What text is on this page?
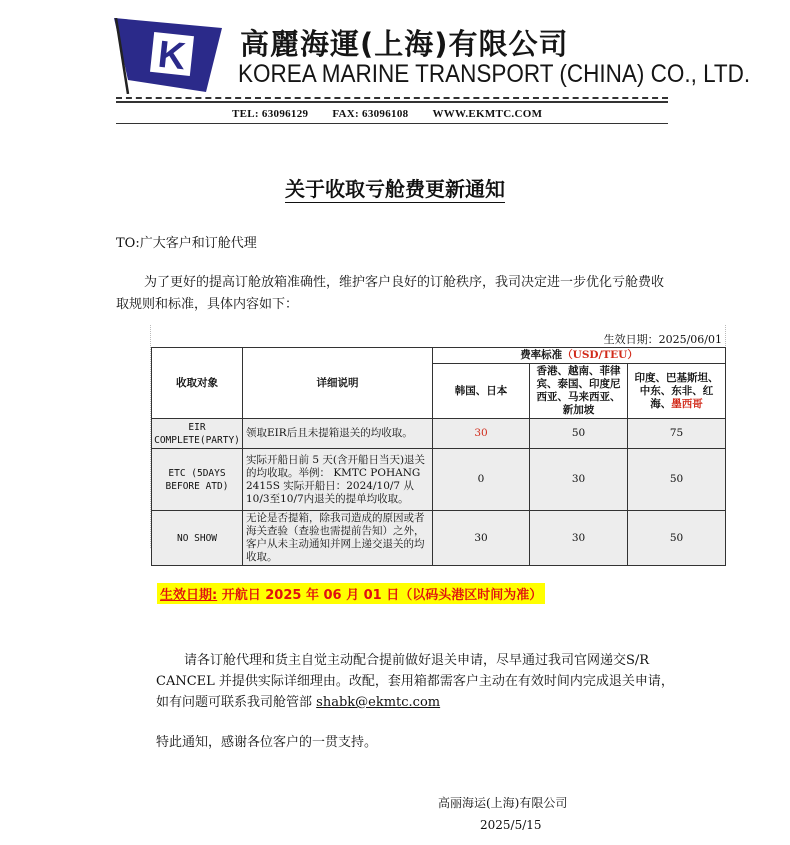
K 高麗海運(上海)有限公司
KOREA MARINE TRANSPORT (CHINA) CO., LTD.
TEL: 63096129 FAX: 63096108 WWW.EKMTC.COM
关于收取亏舱费更新通知
TO:广大客户和订舱代理
为了更好的提高订舱放箱准确性，维护客户良好的订舱秩序，我司决定进一步优化亏舱费收取规则和标准，具体内容如下：
生效日期：2025/06/01
收取对象	详细说明	费率标准（USD/TEU）		
		韩国、日本	香港、越南、菲律宾、泰国、印度尼西亚、马来西亚、新加坡	印度、巴基斯坦、中东、东非、红海、墨西哥
EIR COMPLETE(PARTY)	领取EIR后且未提箱退关的均收取。	30	50	75
ETC (5DAYS BEFORE ATD)	实际开船日前 5 天(含开船日当天)退关的均收取。举例： KMTC POHANG 2415S 实际开船日：2024/10/7 从10/3至10/7内退关的提单均收取。	0	30	50
NO SHOW	无论是否提箱，除我司造成的原因或者海关查验（查验也需提前告知）之外，客户从未主动通知并网上递交退关的均收取。	30	30	50
生效日期: 开航日 2025 年 06 月 01 日（以码头港区时间为准）
请各订舱代理和货主自觉主动配合提前做好退关申请，尽早通过我司官网递交S/R CANCEL 并提供实际详细理由。改配，套用箱都需客户主动在有效时间内完成退关申请，如有问题可联系我司舱管部 shabk@ekmtc.com
特此通知，感谢各位客户的一贯支持。
高丽海运(上海)有限公司
2025/5/15
